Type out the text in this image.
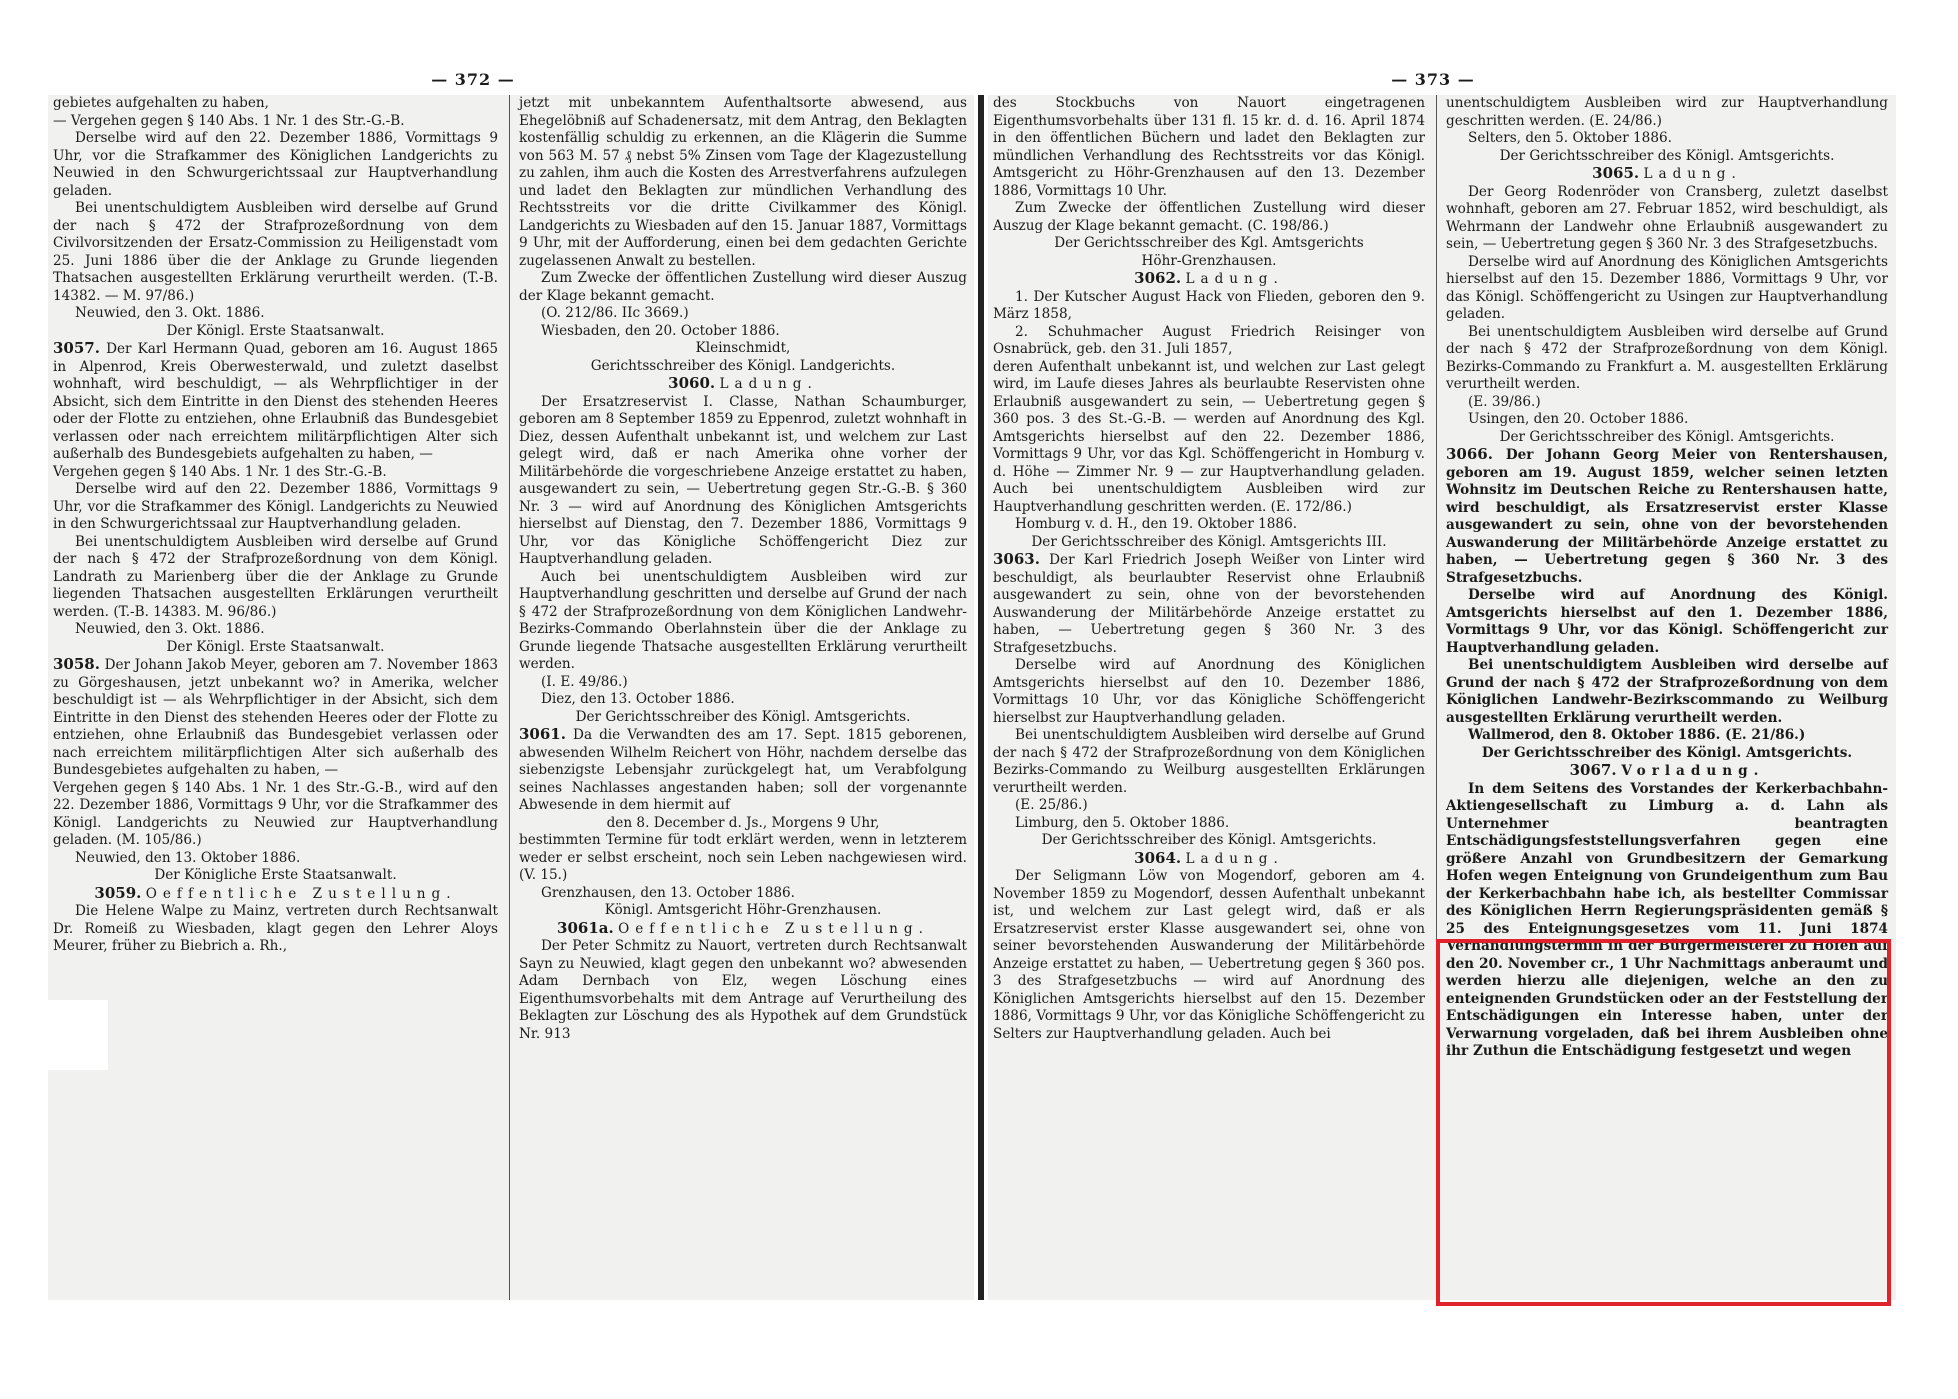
— 372 —	— 373 —

gebietes aufgehalten zu haben,

— Vergehen gegen § 140 Abs. 1 Nr. 1 des Str.-G.-B.

Derselbe wird auf den 22. Dezember 1886, Vormittags 9 Uhr, vor die Strafkammer des Königlichen Landgerichts zu Neuwied in den Schwurgerichtssaal zur Hauptverhandlung geladen.

Bei unentschuldigtem Ausbleiben wird derselbe auf Grund der nach § 472 der Strafprozeßordnung von dem Civilvorsitzenden der Ersatz-Commission zu Heiligenstadt vom 25. Juni 1886 über die der Anklage zu Grunde liegenden Thatsachen ausgestellten Erklärung verurtheilt werden. (T.-B. 14382. — M. 97/86.)

Neuwied, den 3. Okt. 1886.

Der Königl. Erste Staatsanwalt.

3057. Der Karl Hermann Quad, geboren am 16. August 1865 in Alpenrod, Kreis Oberwesterwald, und zuletzt daselbst wohnhaft, wird beschuldigt, — als Wehrpflichtiger in der Absicht, sich dem Eintritte in den Dienst des stehenden Heeres oder der Flotte zu entziehen, ohne Erlaubniß das Bundesgebiet verlassen oder nach erreichtem militärpflichtigen Alter sich außerhalb des Bundesgebiets aufgehalten zu haben, —

Vergehen gegen § 140 Abs. 1 Nr. 1 des Str.-G.-B.

Derselbe wird auf den 22. Dezember 1886, Vormittags 9 Uhr, vor die Strafkammer des Königl. Landgerichts zu Neuwied in den Schwurgerichtssaal zur Hauptverhandlung geladen.

Bei unentschuldigtem Ausbleiben wird derselbe auf Grund der nach § 472 der Strafprozeßordnung von dem Königl. Landrath zu Marienberg über die der Anklage zu Grunde liegenden Thatsachen ausgestellten Erklärungen verurtheilt werden. (T.-B. 14383. M. 96/86.)

Neuwied, den 3. Okt. 1886.

Der Königl. Erste Staatsanwalt.

3058. Der Johann Jakob Meyer, geboren am 7. November 1863 zu Görgeshausen, jetzt unbekannt wo? in Amerika, welcher beschuldigt ist — als Wehrpflichtiger in der Absicht, sich dem Eintritte in den Dienst des stehenden Heeres oder der Flotte zu entziehen, ohne Erlaubniß das Bundesgebiet verlassen oder nach erreichtem militärpflichtigen Alter sich außerhalb des Bundesgebietes aufgehalten zu haben, —

Vergehen gegen § 140 Abs. 1 Nr. 1 des Str.-G.-B., wird auf den 22. Dezember 1886, Vormittags 9 Uhr, vor die Strafkammer des Königl. Landgerichts zu Neuwied zur Hauptverhandlung geladen. (M. 105/86.)

Neuwied, den 13. Oktober 1886.

Der Königliche Erste Staatsanwalt.

3059. Oeffentliche Zustellung.

Die Helene Walpe zu Mainz, vertreten durch Rechtsanwalt Dr. Romeiß zu Wiesbaden, klagt gegen den Lehrer Aloys Meurer, früher zu Biebrich a. Rh.,

jetzt mit unbekanntem Aufenthaltsorte abwesend, aus Ehegelöbniß auf Schadenersatz, mit dem Antrag, den Beklagten kostenfällig schuldig zu erkennen, an die Klägerin die Summe von 563 M. 57 ₰ nebst 5% Zinsen vom Tage der Klagezustellung zu zahlen, ihm auch die Kosten des Arrestverfahrens aufzulegen und ladet den Beklagten zur mündlichen Verhandlung des Rechtsstreits vor die dritte Civilkammer des Königl. Landgerichts zu Wiesbaden auf den 15. Januar 1887, Vormittags 9 Uhr, mit der Aufforderung, einen bei dem gedachten Gerichte zugelassenen Anwalt zu bestellen.

Zum Zwecke der öffentlichen Zustellung wird dieser Auszug der Klage bekannt gemacht.

(O. 212/86. IIc 3669.)

Wiesbaden, den 20. October 1886.

Kleinschmidt,

Gerichtsschreiber des Königl. Landgerichts.

3060. Ladung.

Der Ersatzreservist I. Classe, Nathan Schaumburger, geboren am 8 September 1859 zu Eppenrod, zuletzt wohnhaft in Diez, dessen Aufenthalt unbekannt ist, und welchem zur Last gelegt wird, daß er nach Amerika ohne vorher der Militärbehörde die vorgeschriebene Anzeige erstattet zu haben, ausgewandert zu sein, — Uebertretung gegen Str.-G.-B. § 360 Nr. 3 — wird auf Anordnung des Königlichen Amtsgerichts hierselbst auf Dienstag, den 7. Dezember 1886, Vormittags 9 Uhr, vor das Königliche Schöffengericht Diez zur Hauptverhandlung geladen.

Auch bei unentschuldigtem Ausbleiben wird zur Hauptverhandlung geschritten und derselbe auf Grund der nach § 472 der Strafprozeßordnung von dem Königlichen Landwehr-Bezirks-Commando Oberlahnstein über die der Anklage zu Grunde liegende Thatsache ausgestellten Erklärung verurtheilt werden.

(I. E. 49/86.)

Diez, den 13. October 1886.

Der Gerichtsschreiber des Königl. Amtsgerichts.

3061. Da die Verwandten des am 17. Sept. 1815 geborenen, abwesenden Wilhelm Reichert von Höhr, nachdem derselbe das siebenzigste Lebensjahr zurückgelegt hat, um Verabfolgung seines Nachlasses angestanden haben; soll der vorgenannte Abwesende in dem hiermit auf

den 8. December d. Js., Morgens 9 Uhr,

bestimmten Termine für todt erklärt werden, wenn in letzterem weder er selbst erscheint, noch sein Leben nachgewiesen wird. (V. 15.)

Grenzhausen, den 13. October 1886.

Königl. Amtsgericht Höhr-Grenzhausen.

3061a. Oeffentliche Zustellung.

Der Peter Schmitz zu Nauort, vertreten durch Rechtsanwalt Sayn zu Neuwied, klagt gegen den unbekannt wo? abwesenden Adam Dernbach von Elz, wegen Löschung eines Eigenthumsvorbehalts mit dem Antrage auf Verurtheilung des Beklagten zur Löschung des als Hypothek auf dem Grundstück Nr. 913

des Stockbuchs von Nauort eingetragenen Eigenthumsvorbehalts über 131 fl. 15 kr. d. d. 16. April 1874 in den öffentlichen Büchern und ladet den Beklagten zur mündlichen Verhandlung des Rechtsstreits vor das Königl. Amtsgericht zu Höhr-Grenzhausen auf den 13. Dezember 1886, Vormittags 10 Uhr.

Zum Zwecke der öffentlichen Zustellung wird dieser Auszug der Klage bekannt gemacht. (C. 198/86.)

Der Gerichtsschreiber des Kgl. Amtsgerichts

Höhr-Grenzhausen.

3062. Ladung.

1. Der Kutscher August Hack von Flieden, geboren den 9. März 1858,

2. Schuhmacher August Friedrich Reisinger von Osnabrück, geb. den 31. Juli 1857,

deren Aufenthalt unbekannt ist, und welchen zur Last gelegt wird, im Laufe dieses Jahres als beurlaubte Reservisten ohne Erlaubniß ausgewandert zu sein, — Uebertretung gegen § 360 pos. 3 des St.-G.-B. — werden auf Anordnung des Kgl. Amtsgerichts hierselbst auf den 22. Dezember 1886, Vormittags 9 Uhr, vor das Kgl. Schöffengericht in Homburg v. d. Höhe — Zimmer Nr. 9 — zur Hauptverhandlung geladen. Auch bei unentschuldigtem Ausbleiben wird zur Hauptverhandlung geschritten werden. (E. 172/86.)

Homburg v. d. H., den 19. Oktober 1886.

Der Gerichtsschreiber des Königl. Amtsgerichts III.

3063. Der Karl Friedrich Joseph Weißer von Linter wird beschuldigt, als beurlaubter Reservist ohne Erlaubniß ausgewandert zu sein, ohne von der bevorstehenden Auswanderung der Militärbehörde Anzeige erstattet zu haben, — Uebertretung gegen § 360 Nr. 3 des Strafgesetzbuchs.

Derselbe wird auf Anordnung des Königlichen Amtsgerichts hierselbst auf den 10. Dezember 1886, Vormittags 10 Uhr, vor das Königliche Schöffengericht hierselbst zur Hauptverhandlung geladen.

Bei unentschuldigtem Ausbleiben wird derselbe auf Grund der nach § 472 der Strafprozeßordnung von dem Königlichen Bezirks-Commando zu Weilburg ausgestellten Erklärungen verurtheilt werden.

(E. 25/86.)

Limburg, den 5. Oktober 1886.

Der Gerichtsschreiber des Königl. Amtsgerichts.

3064. Ladung.

Der Seligmann Löw von Mogendorf, geboren am 4. November 1859 zu Mogendorf, dessen Aufenthalt unbekannt ist, und welchem zur Last gelegt wird, daß er als Ersatzreservist erster Klasse ausgewandert sei, ohne von seiner bevorstehenden Auswanderung der Militärbehörde Anzeige erstattet zu haben, — Uebertretung gegen § 360 pos. 3 des Strafgesetzbuchs — wird auf Anordnung des Königlichen Amtsgerichts hierselbst auf den 15. Dezember 1886, Vormittags 9 Uhr, vor das Königliche Schöffengericht zu Selters zur Hauptverhandlung geladen. Auch bei

unentschuldigtem Ausbleiben wird zur Hauptverhandlung geschritten werden. (E. 24/86.)

Selters, den 5. Oktober 1886.

Der Gerichtsschreiber des Königl. Amtsgerichts.

3065. Ladung.

Der Georg Rodenröder von Cransberg, zuletzt daselbst wohnhaft, geboren am 27. Februar 1852, wird beschuldigt, als Wehrmann der Landwehr ohne Erlaubniß ausgewandert zu sein, — Uebertretung gegen § 360 Nr. 3 des Strafgesetzbuchs.

Derselbe wird auf Anordnung des Königlichen Amtsgerichts hierselbst auf den 15. Dezember 1886, Vormittags 9 Uhr, vor das Königl. Schöffengericht zu Usingen zur Hauptverhandlung geladen.

Bei unentschuldigtem Ausbleiben wird derselbe auf Grund der nach § 472 der Strafprozeßordnung von dem Königl. Bezirks-Commando zu Frankfurt a. M. ausgestellten Erklärung verurtheilt werden.

(E. 39/86.)

Usingen, den 20. October 1886.

Der Gerichtsschreiber des Königl. Amtsgerichts.

3066. Der Johann Georg Meier von Rentershausen, geboren am 19. August 1859, welcher seinen letzten Wohnsitz im Deutschen Reiche zu Rentershausen hatte, wird beschuldigt, als Ersatzreservist erster Klasse ausgewandert zu sein, ohne von der bevorstehenden Auswanderung der Militärbehörde Anzeige erstattet zu haben, — Uebertretung gegen § 360 Nr. 3 des Strafgesetzbuchs.

Derselbe wird auf Anordnung des Königl. Amtsgerichts hierselbst auf den 1. Dezember 1886, Vormittags 9 Uhr, vor das Königl. Schöffengericht zur Hauptverhandlung geladen.

Bei unentschuldigtem Ausbleiben wird derselbe auf Grund der nach § 472 der Strafprozeßordnung von dem Königlichen Landwehr-Bezirkscommando zu Weilburg ausgestellten Erklärung verurtheilt werden.

Wallmerod, den 8. Oktober 1886. (E. 21/86.)

Der Gerichtsschreiber des Königl. Amtsgerichts.

3067. Vorladung.

In dem Seitens des Vorstandes der Kerkerbachbahn-Aktiengesellschaft zu Limburg a. d. Lahn als Unternehmer beantragten Entschädigungsfeststellungsverfahren gegen eine größere Anzahl von Grundbesitzern der Gemarkung Hofen wegen Enteignung von Grundeigenthum zum Bau der Kerkerbachbahn habe ich, als bestellter Commissar des Königlichen Herrn Regierungspräsidenten gemäß § 25 des Enteignungsgesetzes vom 11. Juni 1874 Verhandlungstermin in der Bürgermeisterei zu Hofen auf den 20. November cr., 1 Uhr Nachmittags anberaumt und werden hierzu alle diejenigen, welche an den zu enteignenden Grundstücken oder an der Feststellung der Entschädigungen ein Interesse haben, unter der Verwarnung vorgeladen, daß bei ihrem Ausbleiben ohne ihr Zuthun die Entschädigung festgesetzt und wegen
